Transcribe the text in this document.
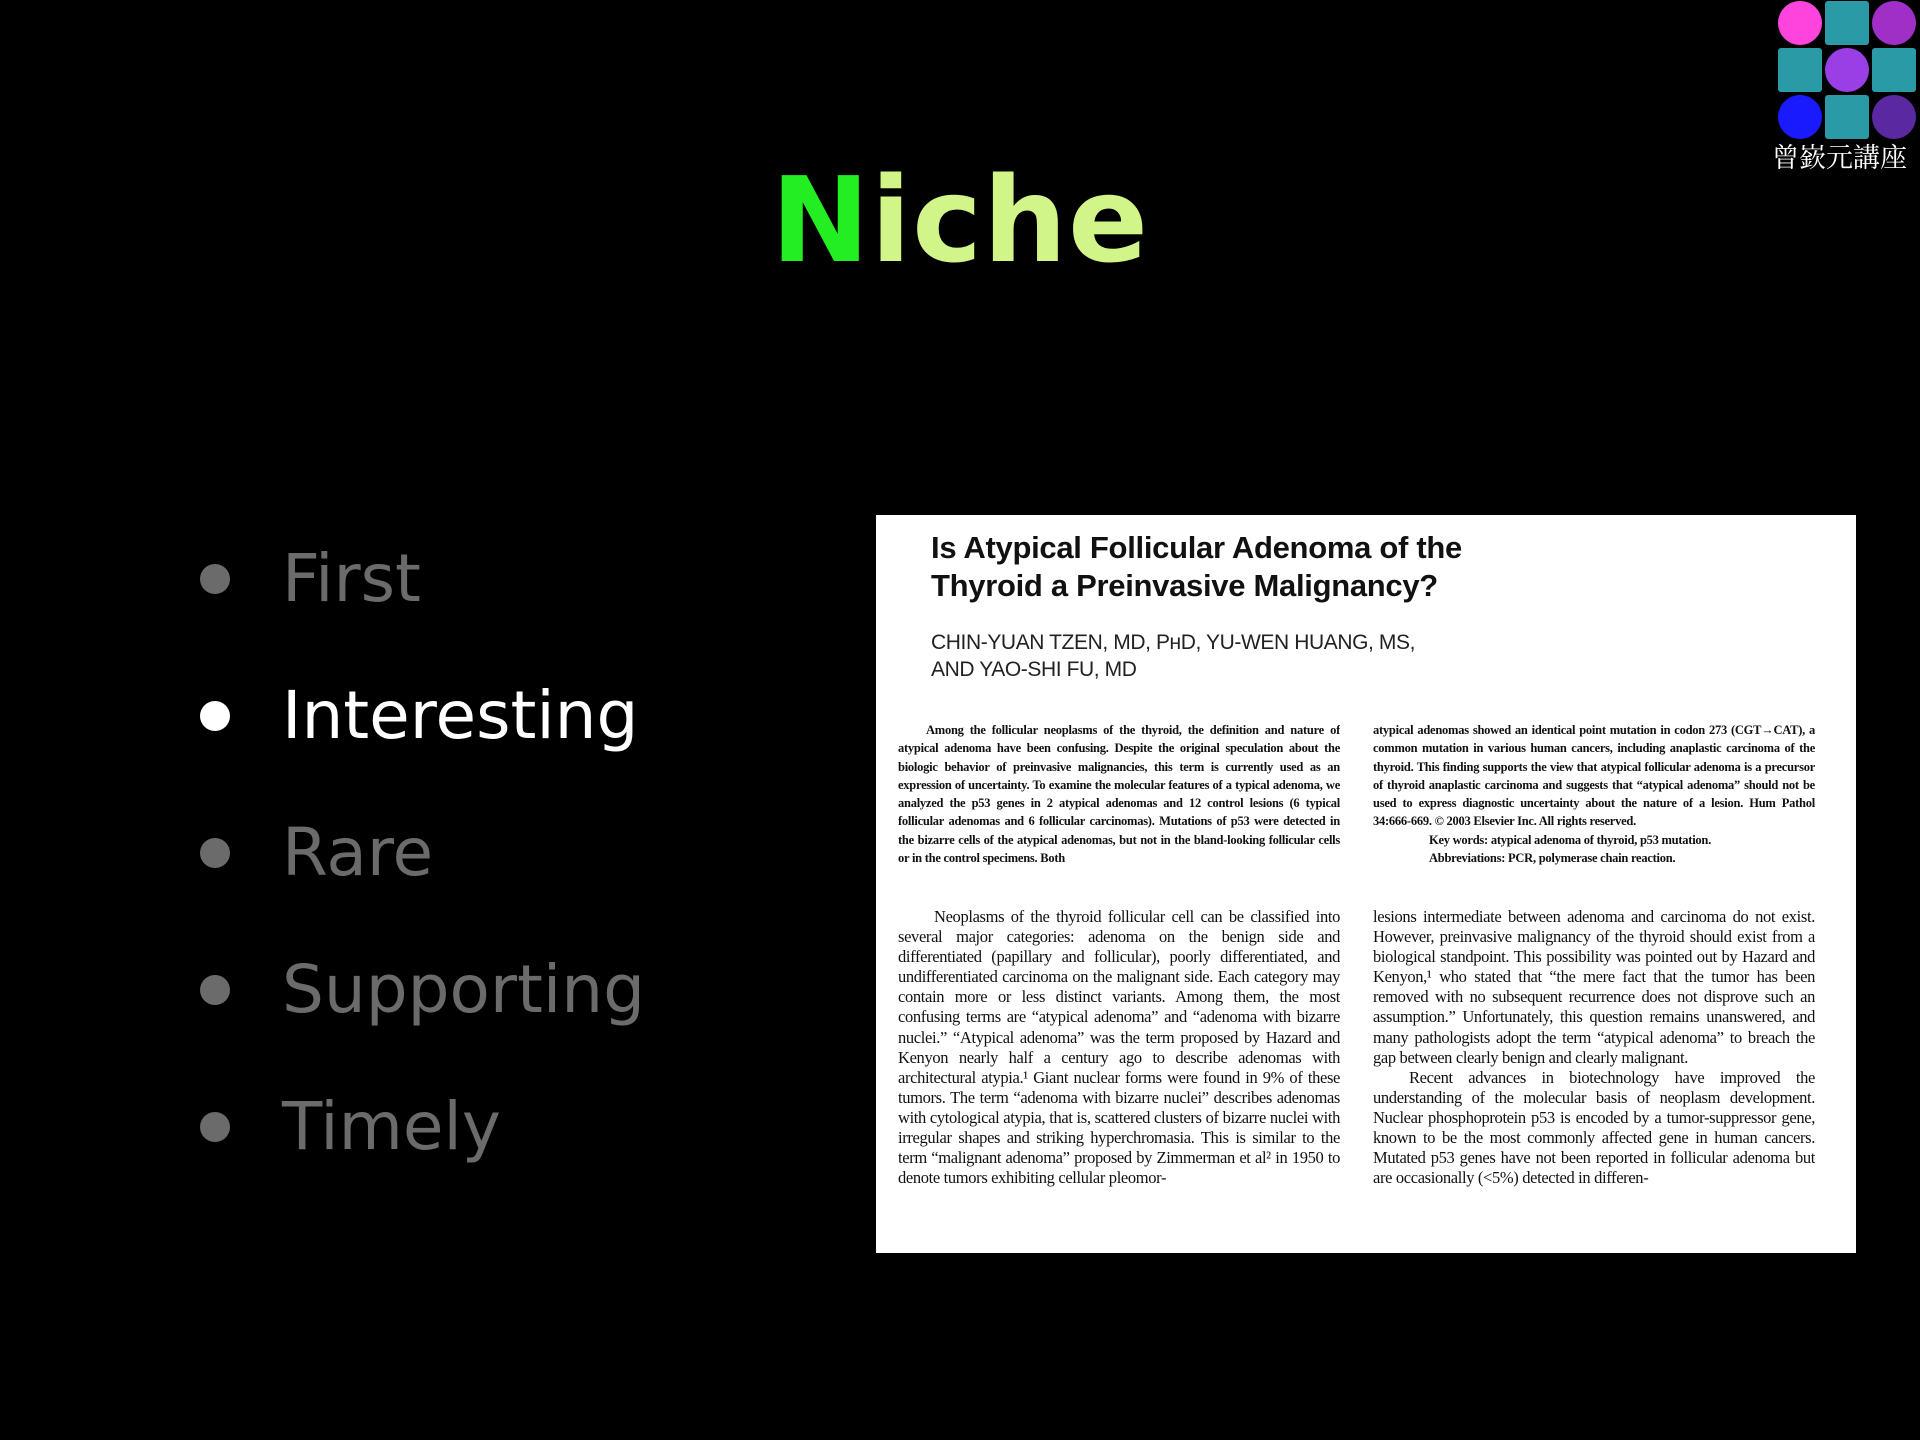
Niche	曾嶔元講座
First
Interesting
Rare
Supporting
Timely
Is Atypical Follicular Adenoma of the
Thyroid a Preinvasive Malignancy?
CHIN-YUAN TZEN, MD, PʜD, YU-WEN HUANG, MS,
AND YAO-SHI FU, MD

Among the follicular neoplasms of the thyroid, the definition and nature of atypical adenoma have been confusing. Despite the original speculation about the biologic behavior of preinvasive malignancies, this term is currently used as an expression of uncertainty. To examine the molecular features of a typical adenoma, we analyzed the p53 genes in 2 atypical adenomas and 12 control lesions (6 typical follicular adenomas and 6 follicular carcinomas). Mutations of p53 were detected in the bizarre cells of the atypical adenomas, but not in the bland-looking follicular cells or in the control specimens. Both

atypical adenomas showed an identical point mutation in codon 273 (CGT→CAT), a common mutation in various human cancers, including anaplastic carcinoma of the thyroid. This finding supports the view that atypical follicular adenoma is a precursor of thyroid anaplastic carcinoma and suggests that “atypical adenoma” should not be used to express diagnostic uncertainty about the nature of a lesion. Hum Pathol 34:666-669. © 2003 Elsevier Inc. All rights reserved.

Key words: atypical adenoma of thyroid, p53 mutation.

Abbreviations: PCR, polymerase chain reaction.

Neoplasms of the thyroid follicular cell can be classified into several major categories: adenoma on the benign side and differentiated (papillary and follicular), poorly differentiated, and undifferentiated carcinoma on the malignant side. Each category may contain more or less distinct variants. Among them, the most confusing terms are “atypical adenoma” and “adenoma with bizarre nuclei.” “Atypical adenoma” was the term proposed by Hazard and Kenyon nearly half a century ago to describe adenomas with architectural atypia.¹ Giant nuclear forms were found in 9% of these tumors. The term “adenoma with bizarre nuclei” describes adenomas with cytological atypia, that is, scattered clusters of bizarre nuclei with irregular shapes and striking hyperchromasia. This is similar to the term “malignant adenoma” proposed by Zimmerman et al² in 1950 to denote tumors exhibiting cellular pleomor-

lesions intermediate between adenoma and carcinoma do not exist. However, preinvasive malignancy of the thyroid should exist from a biological standpoint. This possibility was pointed out by Hazard and Kenyon,¹ who stated that “the mere fact that the tumor has been removed with no subsequent recurrence does not disprove such an assumption.” Unfortunately, this question remains unanswered, and many pathologists adopt the term “atypical adenoma” to breach the gap between clearly benign and clearly malignant.

Recent advances in biotechnology have improved the understanding of the molecular basis of neoplasm development. Nuclear phosphoprotein p53 is encoded by a tumor-suppressor gene, known to be the most commonly affected gene in human cancers. Mutated p53 genes have not been reported in follicular adenoma but are occasionally (<5%) detected in differen-
